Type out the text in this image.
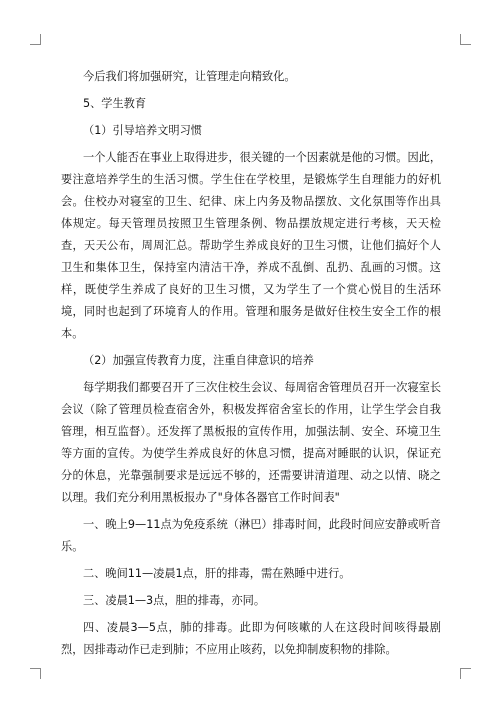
今后我们将加强研究，让管理走向精致化。

5、学生教育

（1）引导培养文明习惯

一个人能否在事业上取得进步，很关键的一个因素就是他的习惯。因此，要注意培养学生的生活习惯。学生住在学校里，是锻炼学生自理能力的好机会。住校办对寝室的卫生、纪律、床上内务及物品摆放、文化氛围等作出具体规定。每天管理员按照卫生管理条例、物品摆放规定进行考核，天天检查，天天公布，周周汇总。帮助学生养成良好的卫生习惯，让他们搞好个人卫生和集体卫生，保持室内清洁干净，养成不乱倒、乱扔、乱画的习惯。这样，既使学生养成了良好的卫生习惯，又为学生了一个赏心悦目的生活环境，同时也起到了环境育人的作用。管理和服务是做好住校生安全工作的根本。

（2）加强宣传教育力度，注重自律意识的培养

每学期我们都要召开了三次住校生会议、每周宿舍管理员召开一次寝室长会议（除了管理员检查宿舍外，积极发挥宿舍室长的作用，让学生学会自我管理，相互监督）。还发挥了黑板报的宣传作用，加强法制、安全、环境卫生等方面的宣传。为使学生养成良好的休息习惯，提高对睡眠的认识，保证充分的休息，光靠强制要求是远远不够的，还需要讲清道理、动之以情、晓之以理。我们充分利用黑板报办了"身体各器官工作时间表"

一、晚上9—11点为免疫系统（淋巴）排毒时间，此段时间应安静或听音乐。

二、晚间11—凌晨1点，肝的排毒，需在熟睡中进行。

三、凌晨1—3点，胆的排毒，亦同。

四、凌晨3—5点，肺的排毒。此即为何咳嗽的人在这段时间咳得最剧烈，因排毒动作已走到肺；不应用止咳药，以免抑制废积物的排除。
